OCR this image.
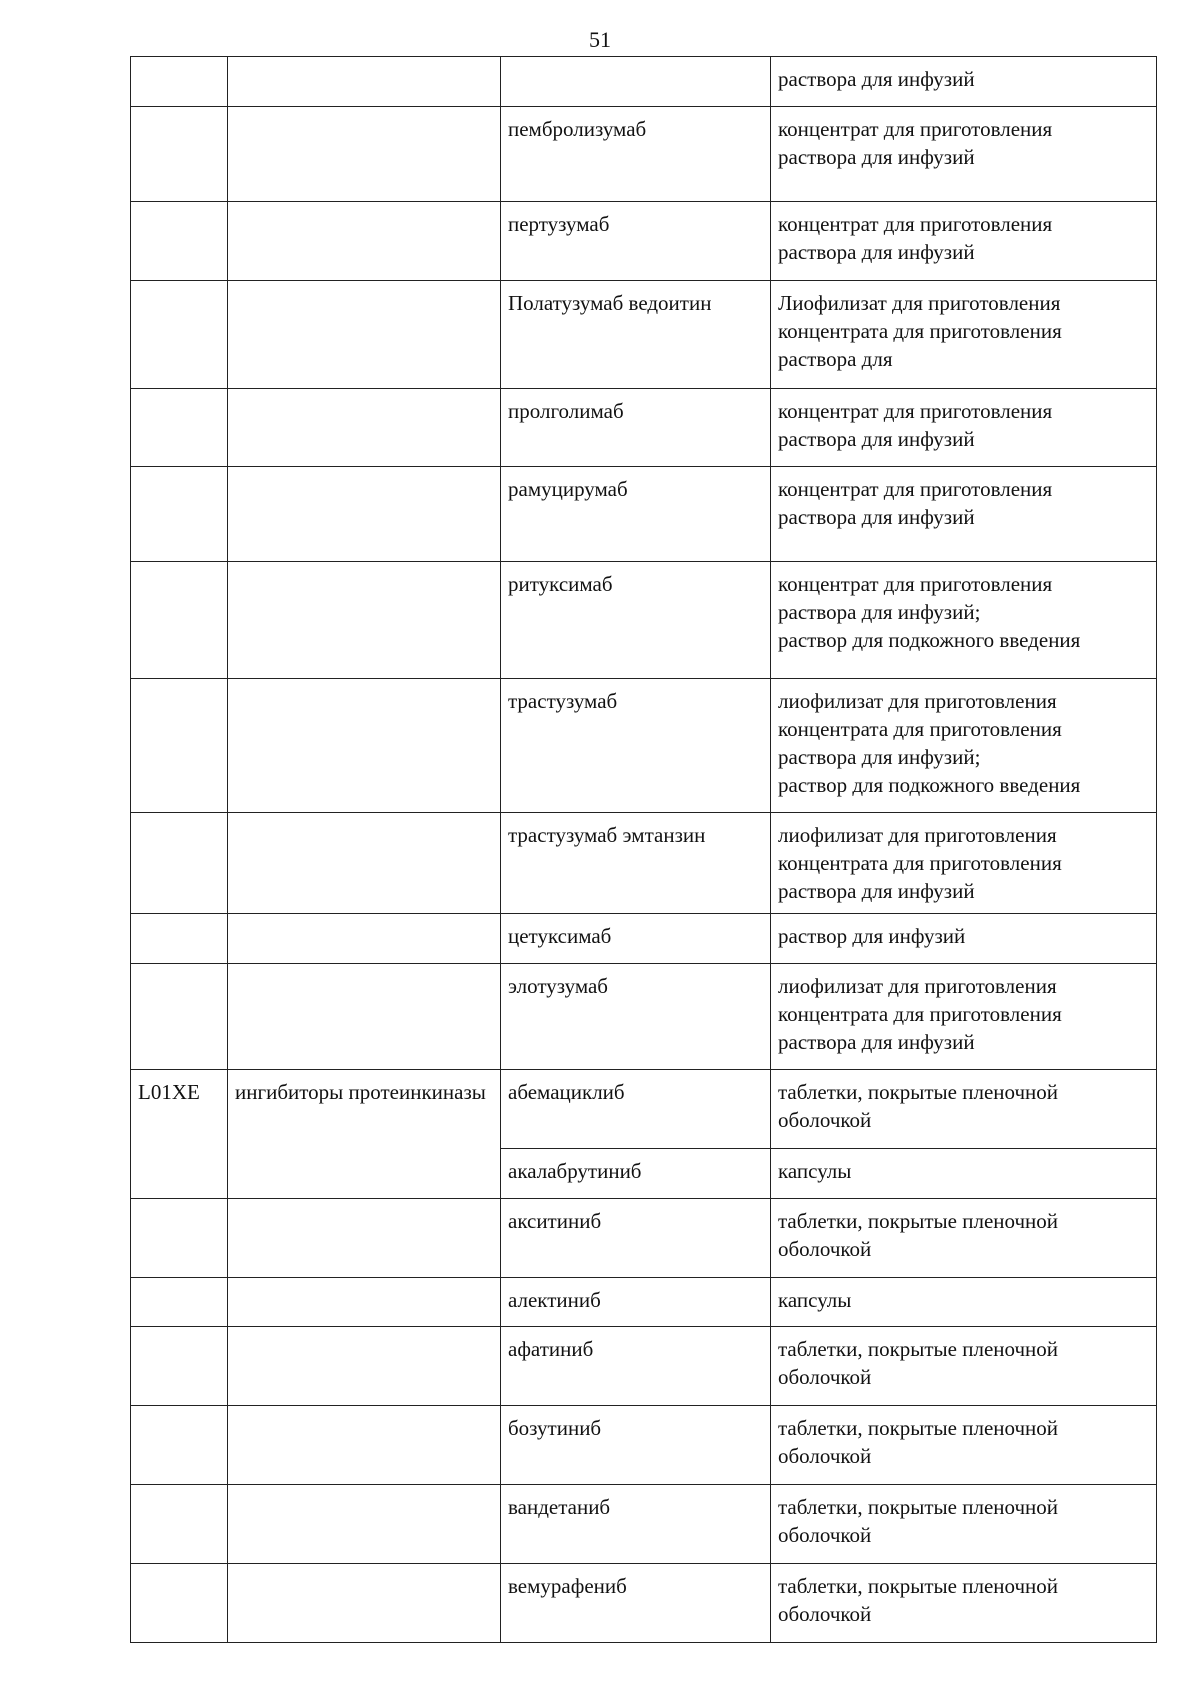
51

			раствора для инфузий

		пембролизумаб	концентрат для приготовления
раствора для инфузий

		пертузумаб	концентрат для приготовления
раствора для инфузий

		Полатузумаб ведоитин	Лиофилизат для приготовления
концентрата для приготовления
раствора для

		пролголимаб	концентрат для приготовления
раствора для инфузий

		рамуцирумаб	концентрат для приготовления
раствора для инфузий

		ритуксимаб	концентрат для приготовления
раствора для инфузий;
раствор для подкожного введения

		трастузумаб	лиофилизат для приготовления
концентрата для приготовления
раствора для инфузий;
раствор для подкожного введения

		трастузумаб эмтанзин	лиофилизат для приготовления
концентрата для приготовления
раствора для инфузий

		цетуксимаб	раствор для инфузий

		элотузумаб	лиофилизат для приготовления
концентрата для приготовления
раствора для инфузий

L01XE	ингибиторы протеинкиназы	абемациклиб	таблетки, покрытые пленочной
оболочкой

		акалабрутиниб	капсулы

		акситиниб	таблетки, покрытые пленочной
оболочкой

		алектиниб	капсулы

		афатиниб	таблетки, покрытые пленочной
оболочкой

		бозутиниб	таблетки, покрытые пленочной
оболочкой

		вандетаниб	таблетки, покрытые пленочной
оболочкой

		вемурафениб	таблетки, покрытые пленочной
оболочкой
